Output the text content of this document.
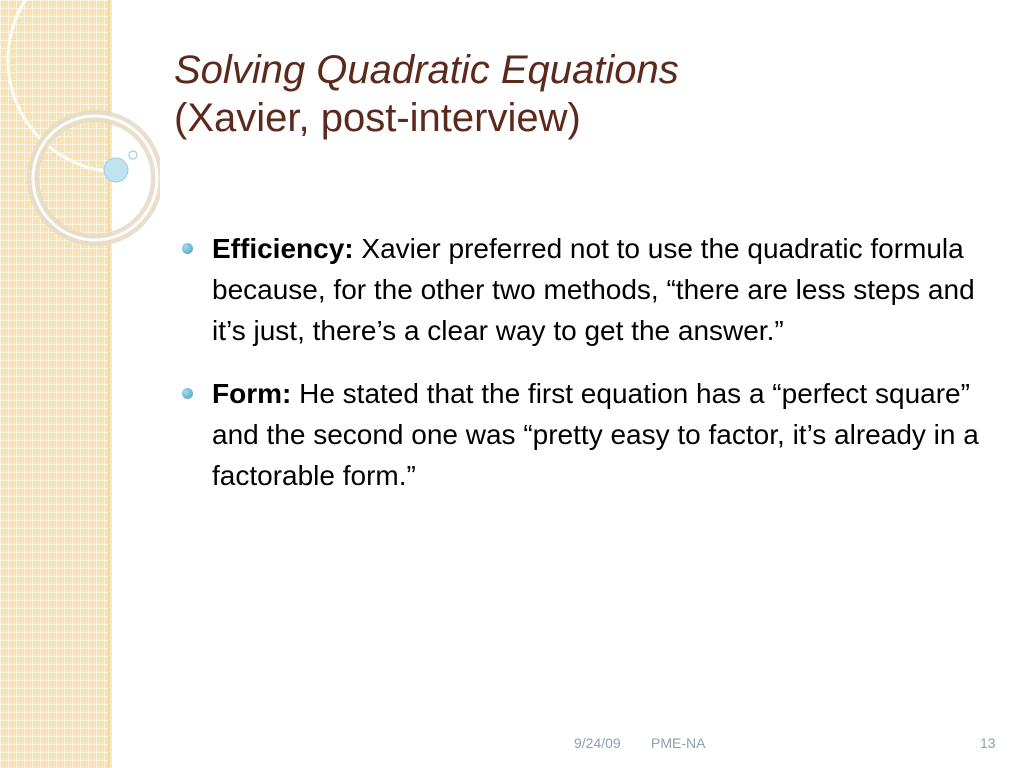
Solving Quadratic Equations
(Xavier, post-interview)
Efficiency: Xavier preferred not to use the quadratic formula because, for the other two methods, “there are less steps and it’s just, there’s a clear way to get the answer.”
Form: He stated that the first equation has a “perfect square” and the second one was “pretty easy to factor, it’s already in a factorable form.”
9/24/09 PME-NA	13
